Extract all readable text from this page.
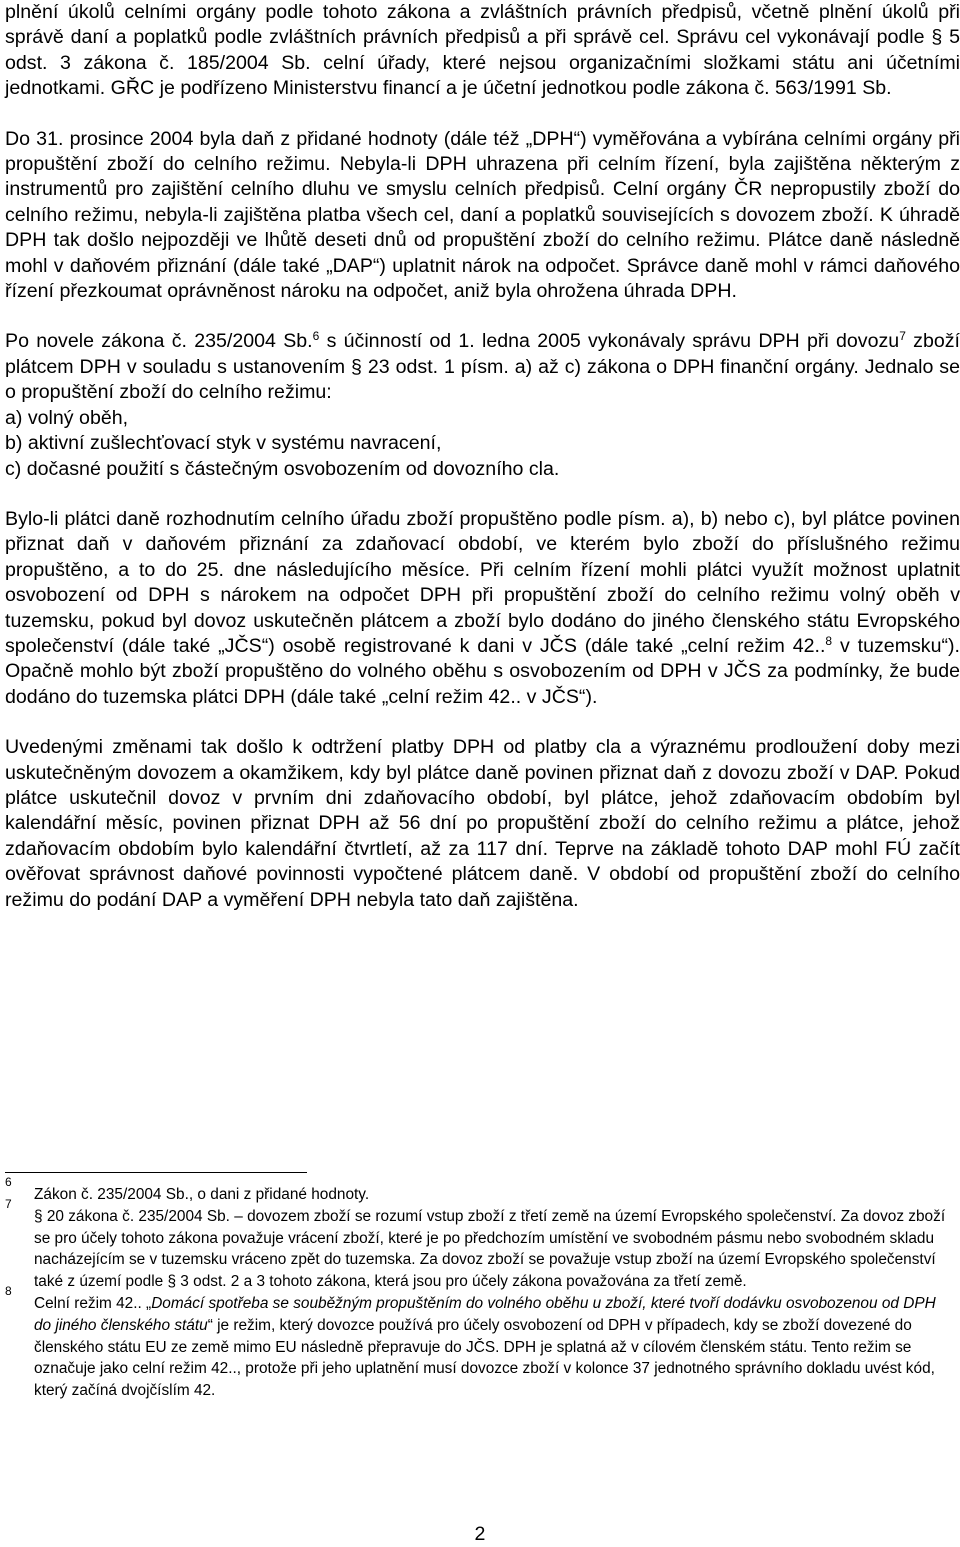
plnění úkolů celními orgány podle tohoto zákona a zvláštních právních předpisů, včetně plnění úkolů při správě daní a poplatků podle zvláštních právních předpisů a při správě cel. Správu cel vykonávají podle § 5 odst. 3 zákona č. 185/2004 Sb. celní úřady, které nejsou organizačními složkami státu ani účetními jednotkami. GŘC je podřízeno Ministerstvu financí a je účetní jednotkou podle zákona č. 563/1991 Sb.

Do 31. prosince 2004 byla daň z přidané hodnoty (dále též „DPH“) vyměřována a vybírána celními orgány při propuštění zboží do celního režimu. Nebyla-li DPH uhrazena při celním řízení, byla zajištěna některým z instrumentů pro zajištění celního dluhu ve smyslu celních předpisů. Celní orgány ČR nepropustily zboží do celního režimu, nebyla-li zajištěna platba všech cel, daní a poplatků souvisejících s dovozem zboží. K úhradě DPH tak došlo nejpozději ve lhůtě deseti dnů od propuštění zboží do celního režimu. Plátce daně následně mohl v daňovém přiznání (dále také „DAP“) uplatnit nárok na odpočet. Správce daně mohl v rámci daňového řízení přezkoumat oprávněnost nároku na odpočet, aniž byla ohrožena úhrada DPH.

Po novele zákona č. 235/2004 Sb.$^6$ s účinností od 1. ledna 2005 vykonávaly správu DPH při dovozu$^7$ zboží plátcem DPH v souladu s ustanovením § 23 odst. 1 písm. a) až c) zákona o DPH finanční orgány. Jednalo se o propuštění zboží do celního režimu:

a) volný oběh,
b) aktivní zušlechťovací styk v systému navracení,
c) dočasné použití s částečným osvobozením od dovozního cla.

Bylo-li plátci daně rozhodnutím celního úřadu zboží propuštěno podle písm. a), b) nebo c), byl plátce povinen přiznat daň v daňovém přiznání za zdaňovací období, ve kterém bylo zboží do příslušného režimu propuštěno, a to do 25. dne následujícího měsíce. Při celním řízení mohli plátci využít možnost uplatnit osvobození od DPH s nárokem na odpočet DPH při propuštění zboží do celního režimu volný oběh v tuzemsku, pokud byl dovoz uskutečněn plátcem a zboží bylo dodáno do jiného členského státu Evropského společenství (dále také „JČS“) osobě registrované k dani v JČS (dále také „celní režim 42..$^8$ v tuzemsku“). Opačně mohlo být zboží propuštěno do volného oběhu s osvobozením od DPH v JČS za podmínky, že bude dodáno do tuzemska plátci DPH (dále také „celní režim 42.. v JČS“).

Uvedenými změnami tak došlo k odtržení platby DPH od platby cla a výraznému prodloužení doby mezi uskutečněným dovozem a okamžikem, kdy byl plátce daně povinen přiznat daň z dovozu zboží v DAP. Pokud plátce uskutečnil dovoz v prvním dni zdaňovacího období, byl plátce, jehož zdaňovacím obdobím byl kalendářní měsíc, povinen přiznat DPH až 56 dní po propuštění zboží do celního režimu a plátce, jehož zdaňovacím obdobím bylo kalendářní čtvrtletí, až za 117 dní. Teprve na základě tohoto DAP mohl FÚ začít ověřovat správnost daňové povinnosti vypočtené plátcem daně. V období od propuštění zboží do celního režimu do podání DAP a vyměření DPH nebyla tato daň zajištěna.

6
Zákon č. 235/2004 Sb., o dani z přidané hodnoty.

7
§ 20 zákona č. 235/2004 Sb. – dovozem zboží se rozumí vstup zboží z třetí země na území Evropského společenství. Za dovoz zboží se pro účely tohoto zákona považuje vrácení zboží, které je po předchozím umístění ve svobodném pásmu nebo svobodném skladu nacházejícím se v tuzemsku vráceno zpět do tuzemska. Za dovoz zboží se považuje vstup zboží na území Evropského společenství také z území podle § 3 odst. 2 a 3 tohoto zákona, která jsou pro účely zákona považována za třetí země.

8
Celní režim 42.. „Domácí spotřeba se souběžným propuštěním do volného oběhu u zboží, které tvoří dodávku osvobozenou od DPH do jiného členského státu“ je režim, který dovozce používá pro účely osvobození od DPH v případech, kdy se zboží dovezené do členského státu EU ze země mimo EU následně přepravuje do JČS. DPH je splatná až v cílovém členském státu. Tento režim se označuje jako celní režim 42.., protože při jeho uplatnění musí dovozce zboží v kolonce 37 jednotného správního dokladu uvést kód, který začíná dvojčíslím 42.

2
